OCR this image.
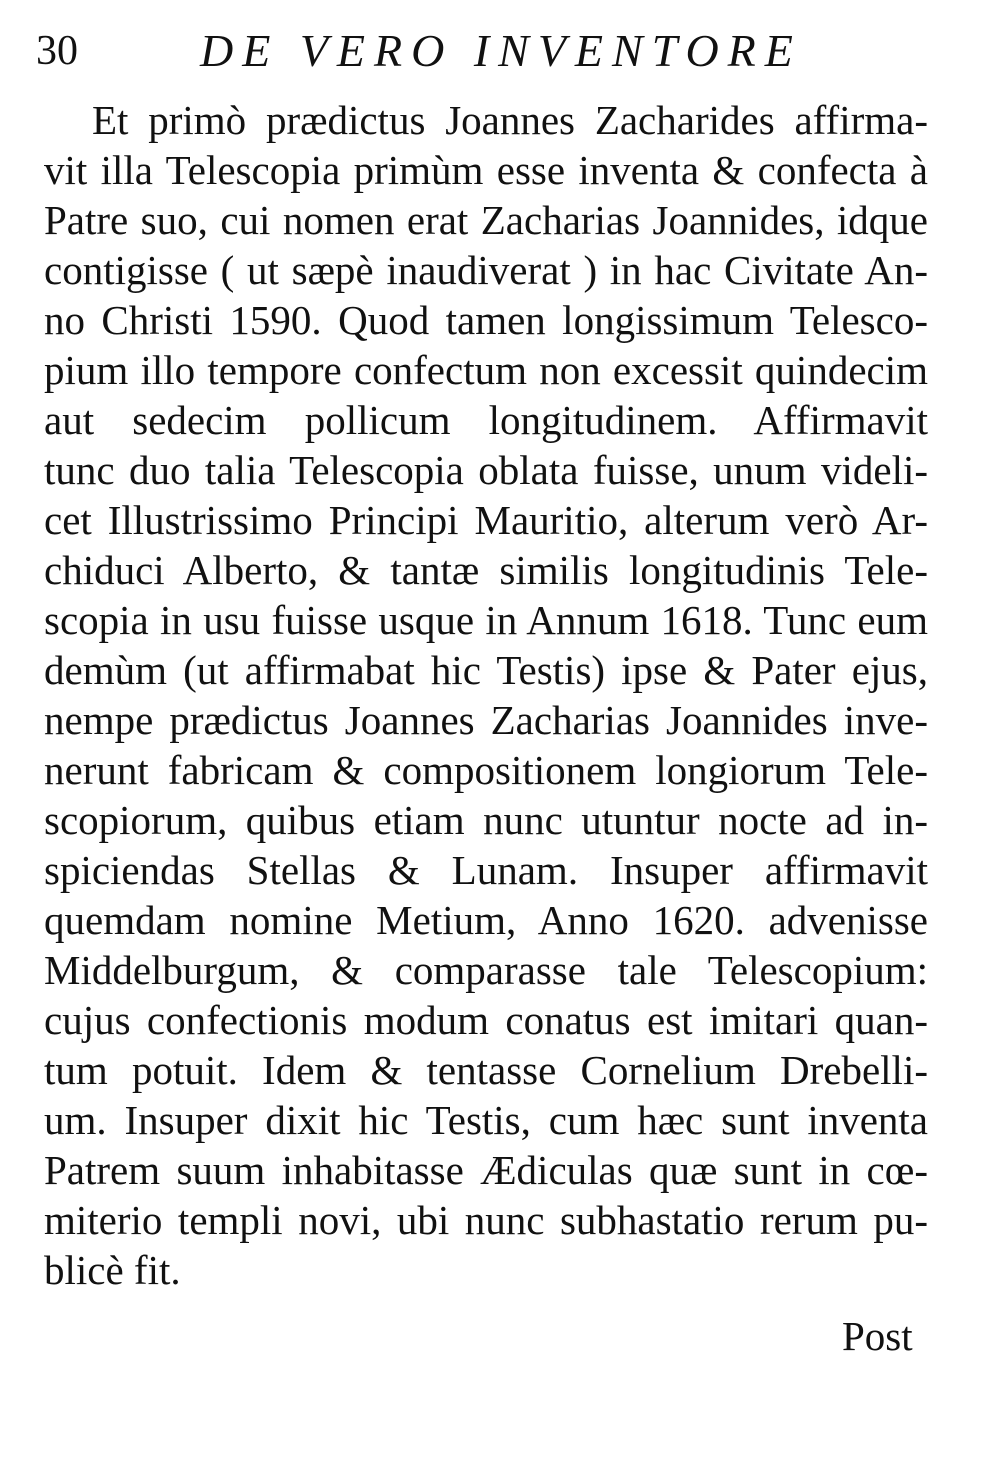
30	DE VERO INVENTORE
Et primò prædictus Joannes Zacharides affirma-
vit illa Telescopia primùm esse inventa & confecta à
Patre suo, cui nomen erat Zacharias Joannides, idque
contigisse ( ut sæpè inaudiverat ) in hac Civitate An-
no Christi 1590. Quod tamen longissimum Telesco-
pium illo tempore confectum non excessit quindecim
aut sedecim pollicum longitudinem. Affirmavit
tunc duo talia Telescopia oblata fuisse, unum videli-
cet Illustrissimo Principi Mauritio, alterum verò Ar-
chiduci Alberto, & tantæ similis longitudinis Tele-
scopia in usu fuisse usque in Annum 1618. Tunc eum
demùm (ut affirmabat hic Testis) ipse & Pater ejus,
nempe prædictus Joannes Zacharias Joannides inve-
nerunt fabricam & compositionem longiorum Tele-
scopiorum, quibus etiam nunc utuntur nocte ad in-
spiciendas Stellas & Lunam. Insuper affirmavit
quemdam nomine Metium, Anno 1620. advenisse
Middelburgum, & comparasse tale Telescopium:
cujus confectionis modum conatus est imitari quan-
tum potuit. Idem & tentasse Cornelium Drebelli-
um. Insuper dixit hic Testis, cum hæc sunt inventa
Patrem suum inhabitasse Ædiculas quæ sunt in cœ-
miterio templi novi, ubi nunc subhastatio rerum pu-
blicè fit.
Post
